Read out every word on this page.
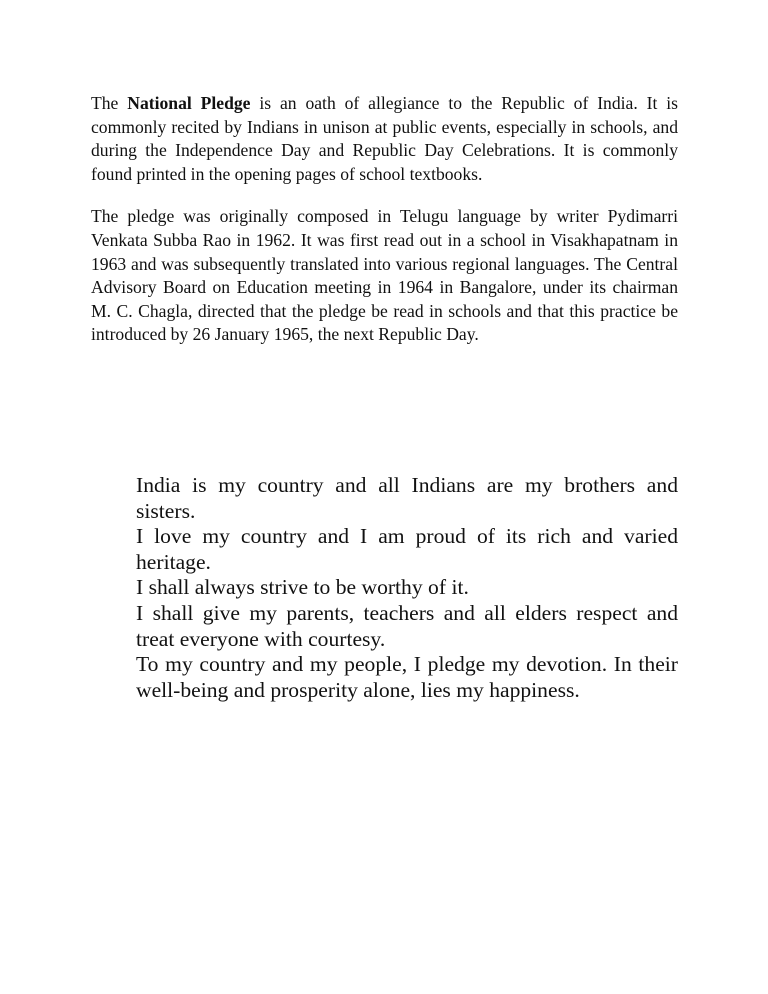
The National Pledge is an oath of allegiance to the Republic of India. It is commonly recited by Indians in unison at public events, especially in schools, and during the Independence Day and Republic Day Celebrations. It is commonly found printed in the opening pages of school textbooks.

The pledge was originally composed in Telugu language by writer Pydimarri Venkata Subba Rao in 1962. It was first read out in a school in Visakhapatnam in 1963 and was subsequently translated into various regional languages. The Central Advisory Board on Education meeting in 1964 in Bangalore, under its chairman M. C. Chagla, directed that the pledge be read in schools and that this practice be introduced by 26 January 1965, the next Republic Day.

India is my country and all Indians are my brothers and sisters.

I love my country and I am proud of its rich and varied heritage.

I shall always strive to be worthy of it.

I shall give my parents, teachers and all elders respect and treat everyone with courtesy.

To my country and my people, I pledge my devotion. In their well-being and prosperity alone, lies my happiness.
